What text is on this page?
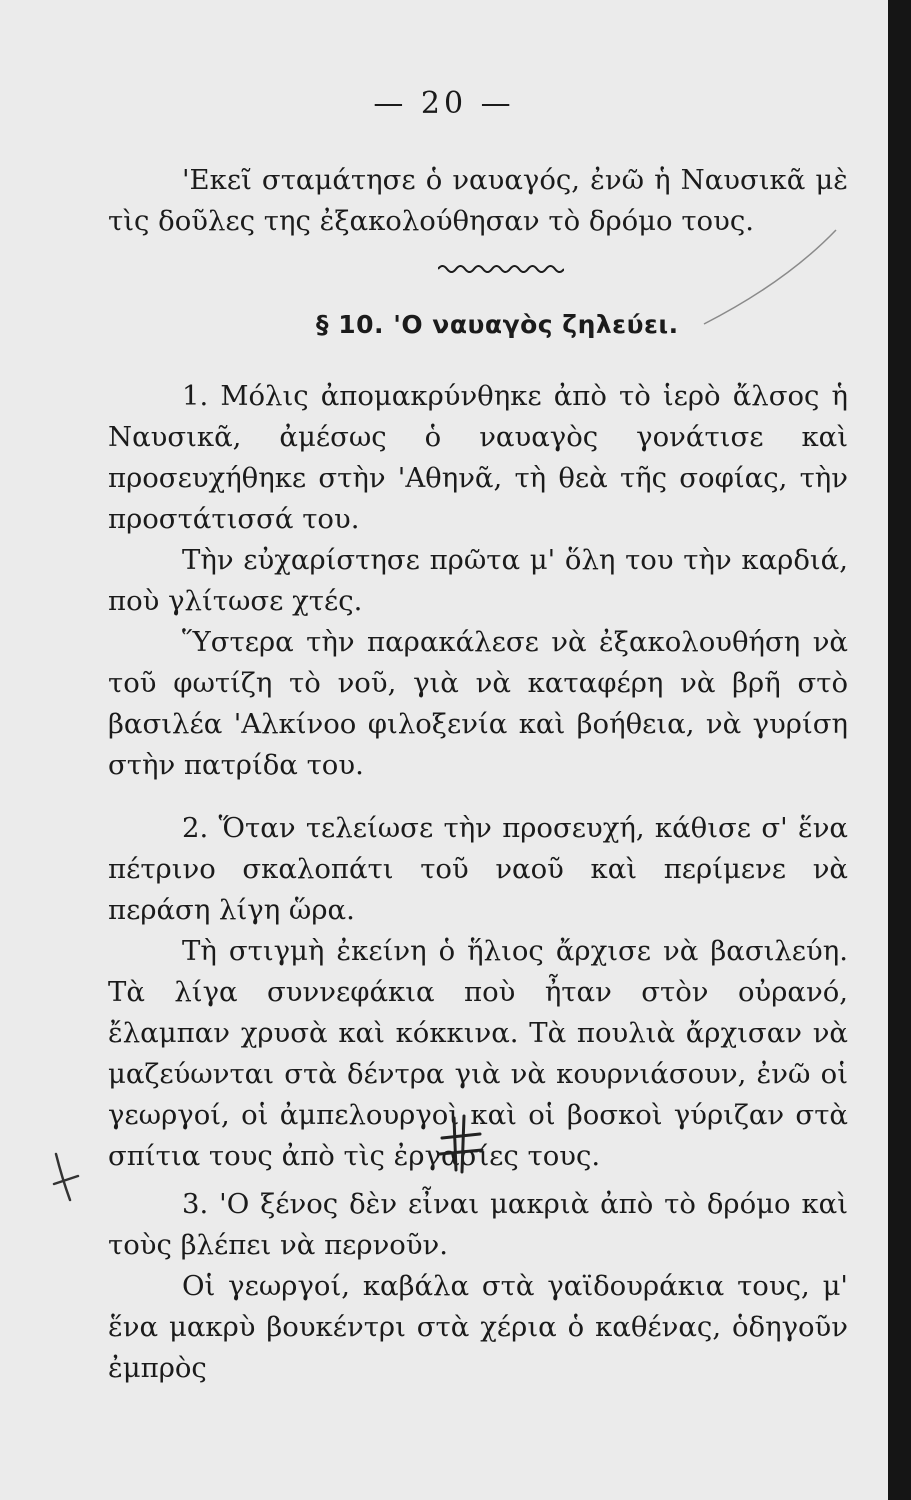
— 20 —

'Εκεῖ σταμάτησε ὁ ναυαγός, ἐνῶ ἡ Ναυσικᾶ μὲ τὶς δοῦλες της ἐξακολούθησαν τὸ δρόμο τους.

§ 10. 'Ο ναυαγὸς ζηλεύει.

1. Μόλις ἀπομακρύνθηκε ἀπὸ τὸ ἱερὸ ἄλσος ἡ Ναυσικᾶ, ἀμέσως ὁ ναυαγὸς γονάτισε καὶ προσευχήθηκε στὴν 'Αθηνᾶ, τὴ θεὰ τῆς σοφίας, τὴν προστάτισσά του.

Τὴν εὐχαρίστησε πρῶτα μ' ὅλη του τὴν καρδιά, ποὺ γλίτωσε χτές.

Ὕστερα τὴν παρακάλεσε νὰ ἐξακολουθήση νὰ τοῦ φωτίζη τὸ νοῦ, γιὰ νὰ καταφέρη νὰ βρῆ στὸ βασιλέα 'Αλκίνοο φιλοξενία καὶ βοήθεια, νὰ γυρίση στὴν πατρίδα του.

2. Ὅταν τελείωσε τὴν προσευχή, κάθισε σ' ἕνα πέτρινο σκαλοπάτι τοῦ ναοῦ καὶ περίμενε νὰ περάση λίγη ὥρα.

Τὴ στιγμὴ ἐκείνη ὁ ἥλιος ἄρχισε νὰ βασιλεύη. Τὰ λίγα συννεφάκια ποὺ ἦταν στὸν οὐρανό, ἔλαμπαν χρυσὰ καὶ κόκκινα. Τὰ πουλιὰ ἄρχισαν νὰ μαζεύωνται στὰ δέντρα γιὰ νὰ κουρνιάσουν, ἐνῶ οἱ γεωργοί, οἱ ἀμπελουργοὶ καὶ οἱ βοσκοὶ γύριζαν στὰ σπίτια τους ἀπὸ τὶς ἐργασίες τους.

3. 'Ο ξένος δὲν εἶναι μακριὰ ἀπὸ τὸ δρόμο καὶ τοὺς βλέπει νὰ περνοῦν.

Οἱ γεωργοί, καβάλα στὰ γαϊδουράκια τους, μ' ἕνα μακρὺ βουκέντρι στὰ χέρια ὁ καθένας, ὁδηγοῦν ἐμπρὸς
